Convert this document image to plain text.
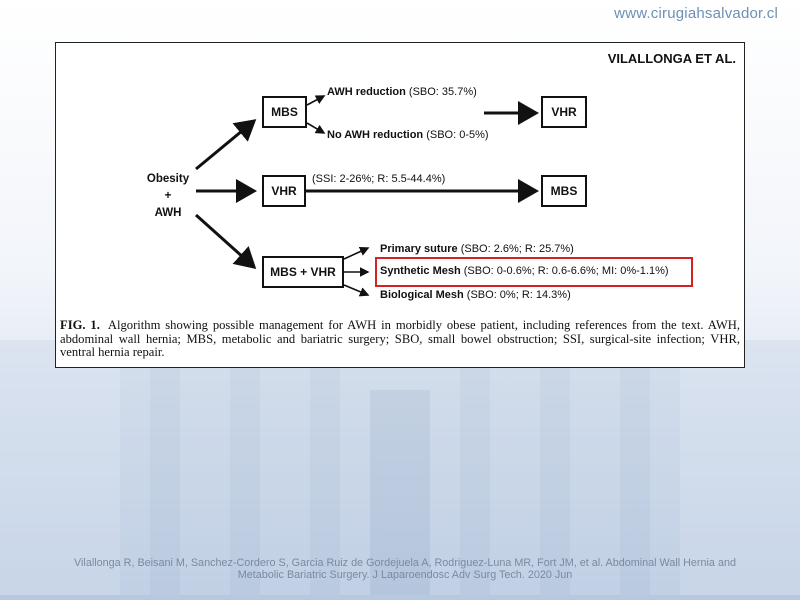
www.cirugiahsalvador.cl
VILALLONGA ET AL.
Obesity
+
AWH
MBS	VHR
VHR	MBS
MBS + VHR
AWH reduction (SBO: 35.7%)
No AWH reduction (SBO: 0-5%)
(SSI: 2-26%; R: 5.5-44.4%)
Primary suture (SBO: 2.6%; R: 25.7%)
Synthetic Mesh (SBO: 0-0.6%; R: 0.6-6.6%; MI: 0%-1.1%)
Biological Mesh (SBO: 0%; R: 14.3%)
FIG. 1. Algorithm showing possible management for AWH in morbidly obese patient, including references from the text. AWH, abdominal wall hernia; MBS, metabolic and bariatric surgery; SBO, small bowel obstruction; SSI, surgical-site infection; VHR, ventral hernia repair.
Vilallonga R, Beisani M, Sanchez-Cordero S, Garcia Ruiz de Gordejuela A, Rodriguez-Luna MR, Fort JM, et al. Abdominal Wall Hernia and
Metabolic Bariatric Surgery. J Laparoendosc Adv Surg Tech. 2020 Jun
